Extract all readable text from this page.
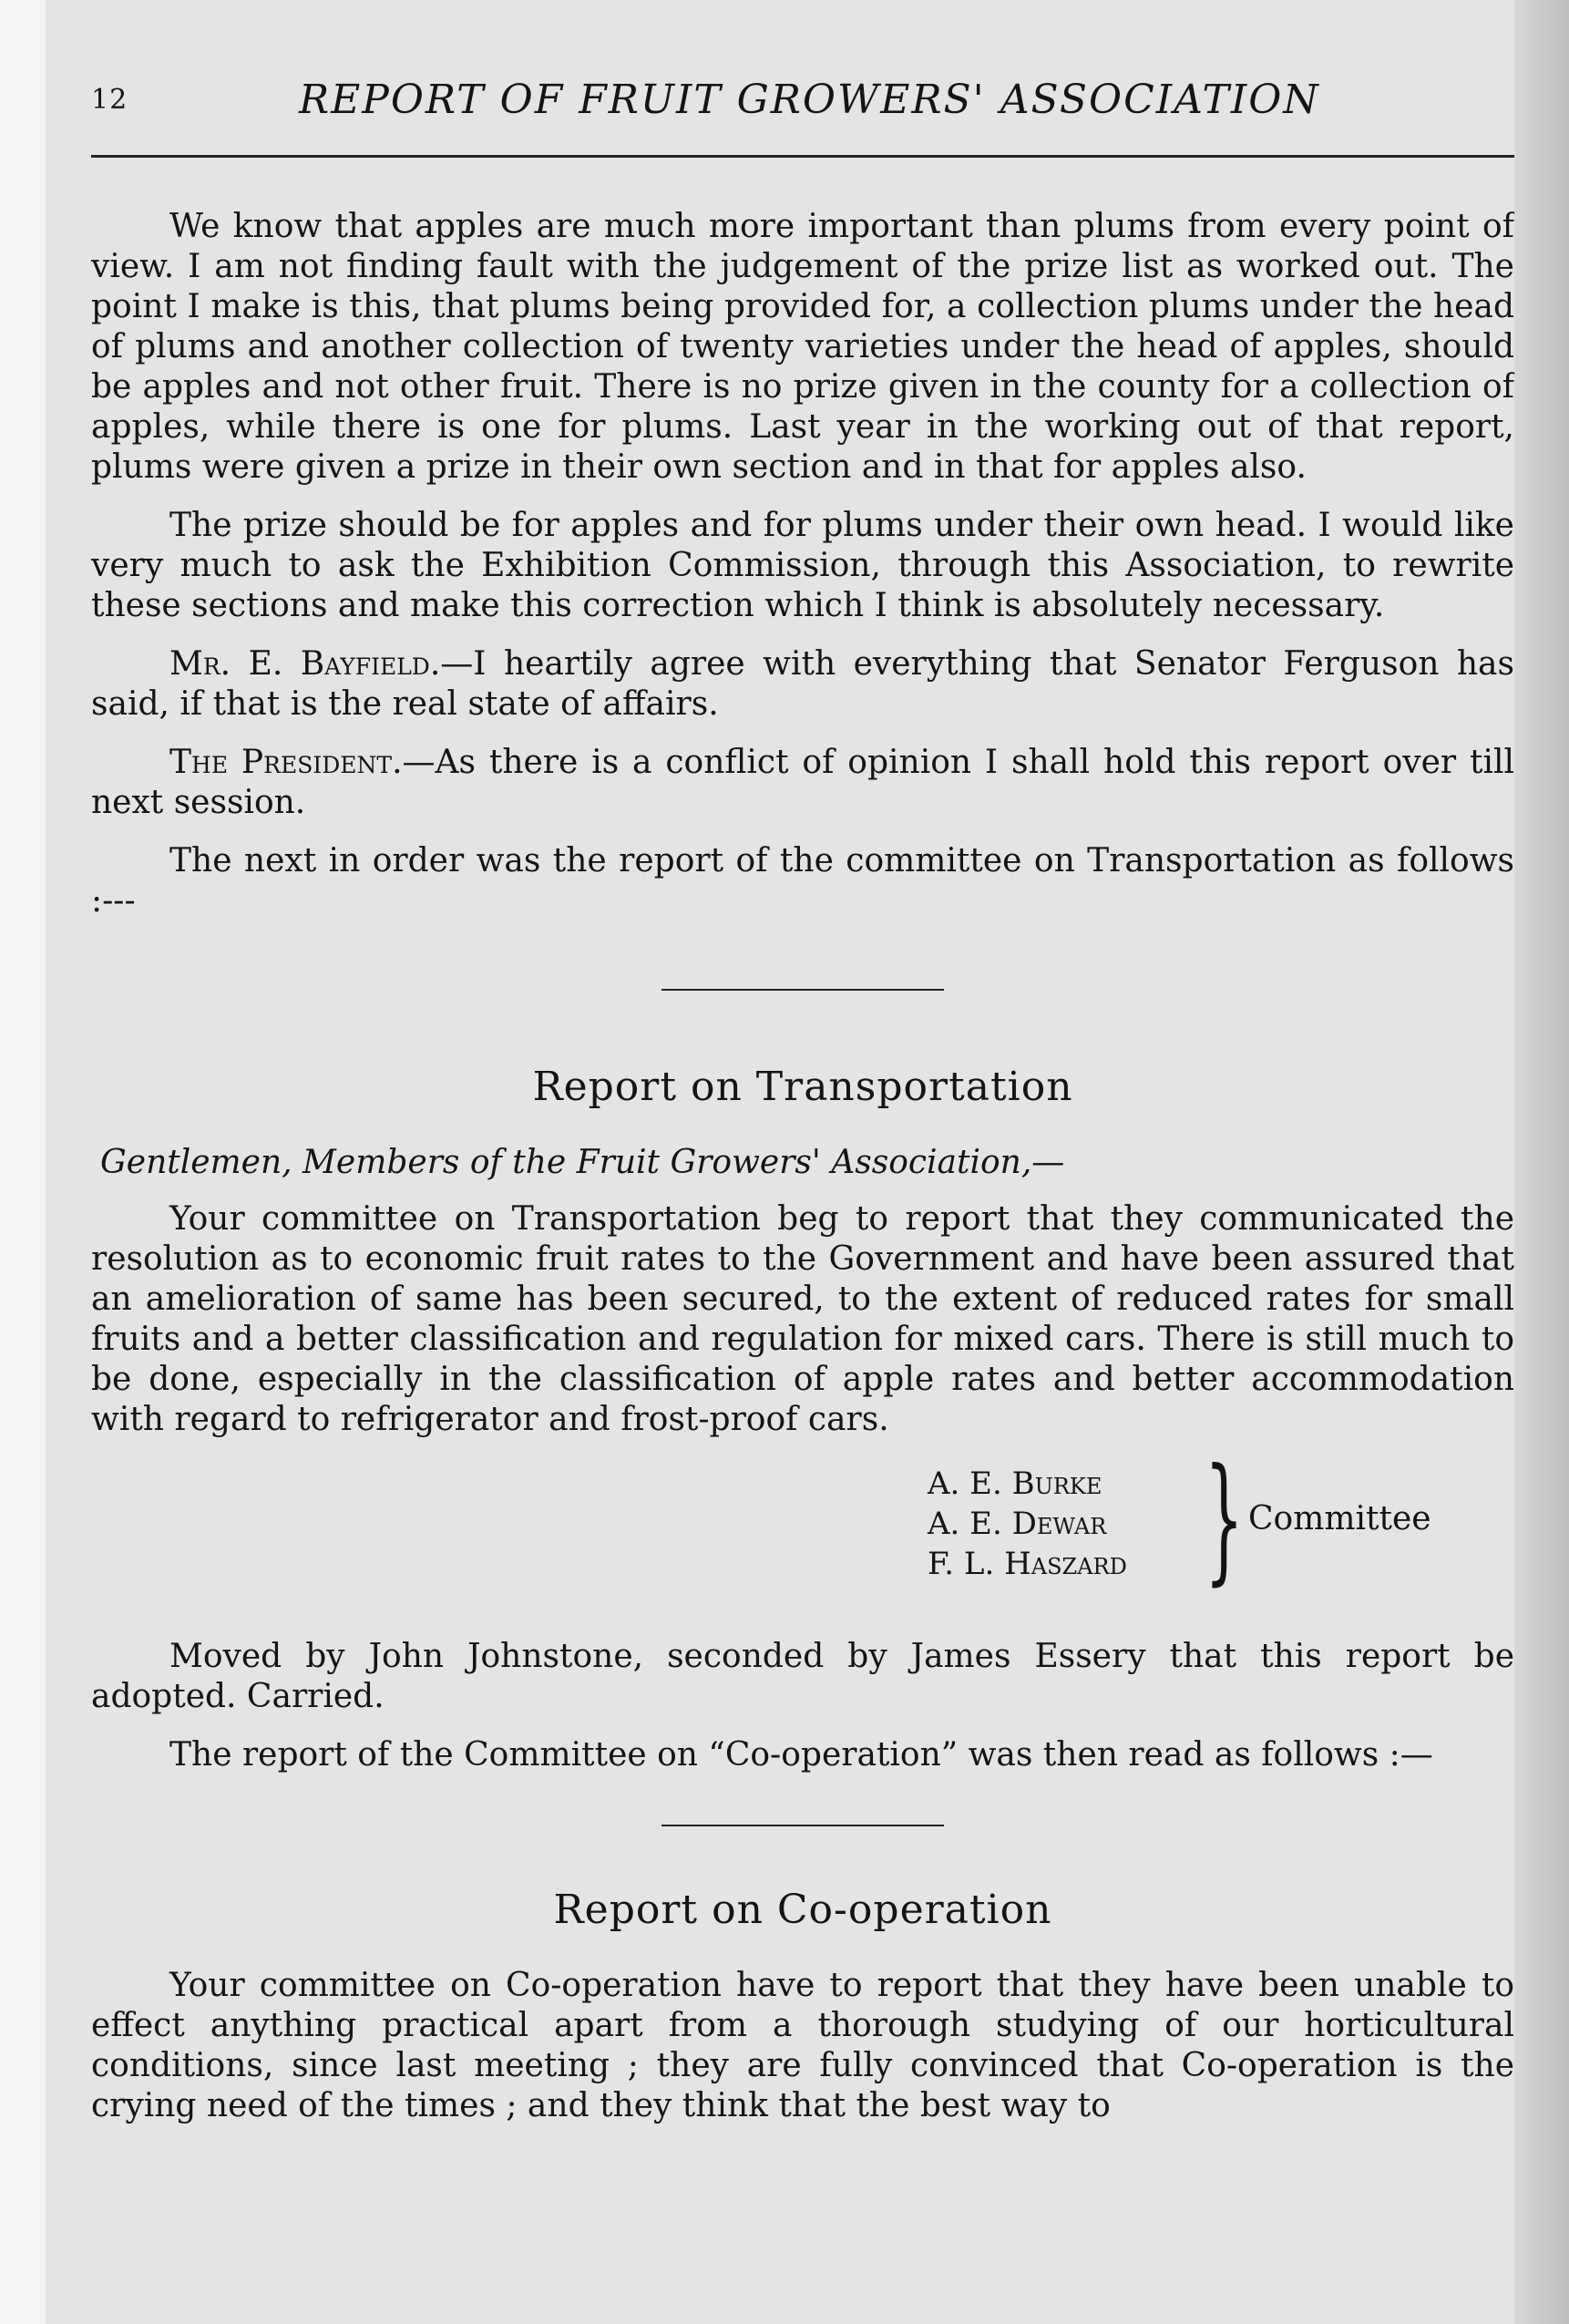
12	REPORT OF FRUIT GROWERS' ASSOCIATION

We know that apples are much more important than plums from every point of view. I am not finding fault with the judgement of the prize list as worked out. The point I make is this, that plums being provided for, a collection plums under the head of plums and another collection of twenty varieties under the head of apples, should be apples and not other fruit. There is no prize given in the county for a collection of apples, while there is one for plums. Last year in the working out of that report, plums were given a prize in their own section and in that for apples also.

The prize should be for apples and for plums under their own head. I would like very much to ask the Exhibition Commission, through this Association, to rewrite these sections and make this correction which I think is absolutely necessary.

Mr. E. Bayfield.—I heartily agree with everything that Senator Ferguson has said, if that is the real state of affairs.

The President.—As there is a conflict of opinion I shall hold this report over till next session.

The next in order was the report of the committee on Transportation as follows :---

Report on Transportation

Gentlemen, Members of the Fruit Growers' Association,—

Your committee on Transportation beg to report that they communicated the resolution as to economic fruit rates to the Government and have been assured that an amelioration of same has been secured, to the extent of reduced rates for small fruits and a better classification and regulation for mixed cars. There is still much to be done, especially in the classification of apple rates and better accommodation with regard to refrigerator and frost-proof cars.

A. E. Burke
A. E. Dewar
F. L. Haszard } Committee

Moved by John Johnstone, seconded by James Essery that this report be adopted. Carried.

The report of the Committee on “Co-operation” was then read as follows :—

Report on Co-operation

Your committee on Co-operation have to report that they have been unable to effect anything practical apart from a thorough studying of our horticultural conditions, since last meeting ; they are fully convinced that Co-operation is the crying need of the times ; and they think that the best way to
